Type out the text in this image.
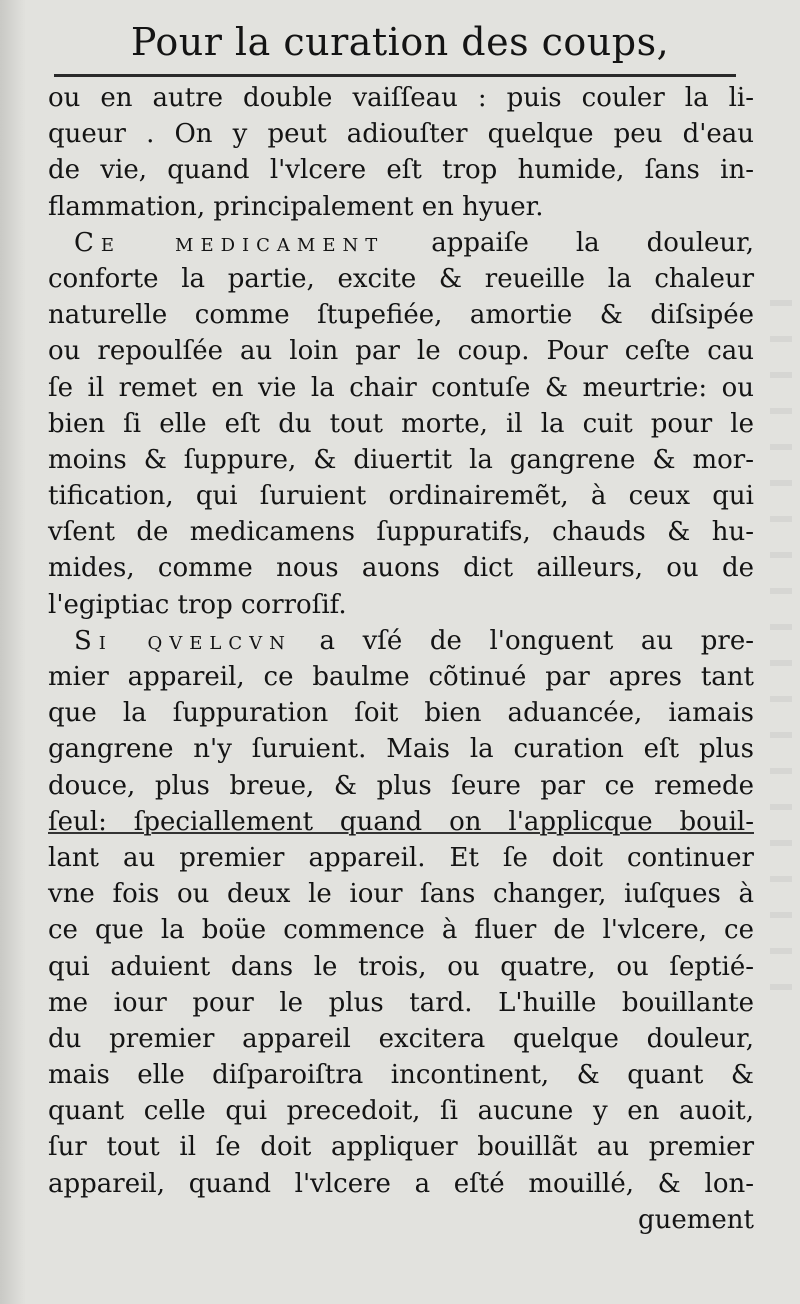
Pour la curation des coups,
ou en autre double vaiſſeau : puis couler la li-
queur . On y peut adiouſter quelque peu d'eau
de vie, quand l'vlcere eſt trop humide, ſans in-
flammation, principalement en hyuer.
Ce medicament appaiſe la douleur,
conforte la partie, excite & reueille la chaleur
naturelle comme ſtupefiée, amortie & diſsipée
ou repoulſée au loin par le coup. Pour ceſte cau
ſe il remet en vie la chair contuſe & meurtrie: ou
bien ſi elle eſt du tout morte, il la cuit pour le
moins & ſuppure, & diuertit la gangrene & mor-
tification, qui ſuruient ordinairemẽt, à ceux qui
vſent de medicamens ſuppuratifs, chauds & hu-
mides, comme nous auons dict ailleurs, ou de
l'egiptiac trop corroſif.
Si qvelcvn a vſé de l'onguent au pre-
mier appareil, ce baulme cõtinué par apres tant
que la ſuppuration ſoit bien aduancée, iamais
gangrene n'y ſuruient. Mais la curation eſt plus
douce, plus breue, & plus ſeure par ce remede
ſeul: ſpeciallement quand on l'applicque bouil-
lant au premier appareil. Et ſe doit continuer
vne fois ou deux le iour ſans changer, iuſques à
ce que la boüe commence à fluer de l'vlcere, ce
qui aduient dans le trois, ou quatre, ou ſeptié-
me iour pour le plus tard. L'huille bouillante
du premier appareil excitera quelque douleur,
mais elle diſparoiſtra incontinent, & quant &
quant celle qui precedoit, ſi aucune y en auoit,
ſur tout il ſe doit appliquer bouillãt au premier
appareil, quand l'vlcere a eſté mouillé, & lon-
guement
